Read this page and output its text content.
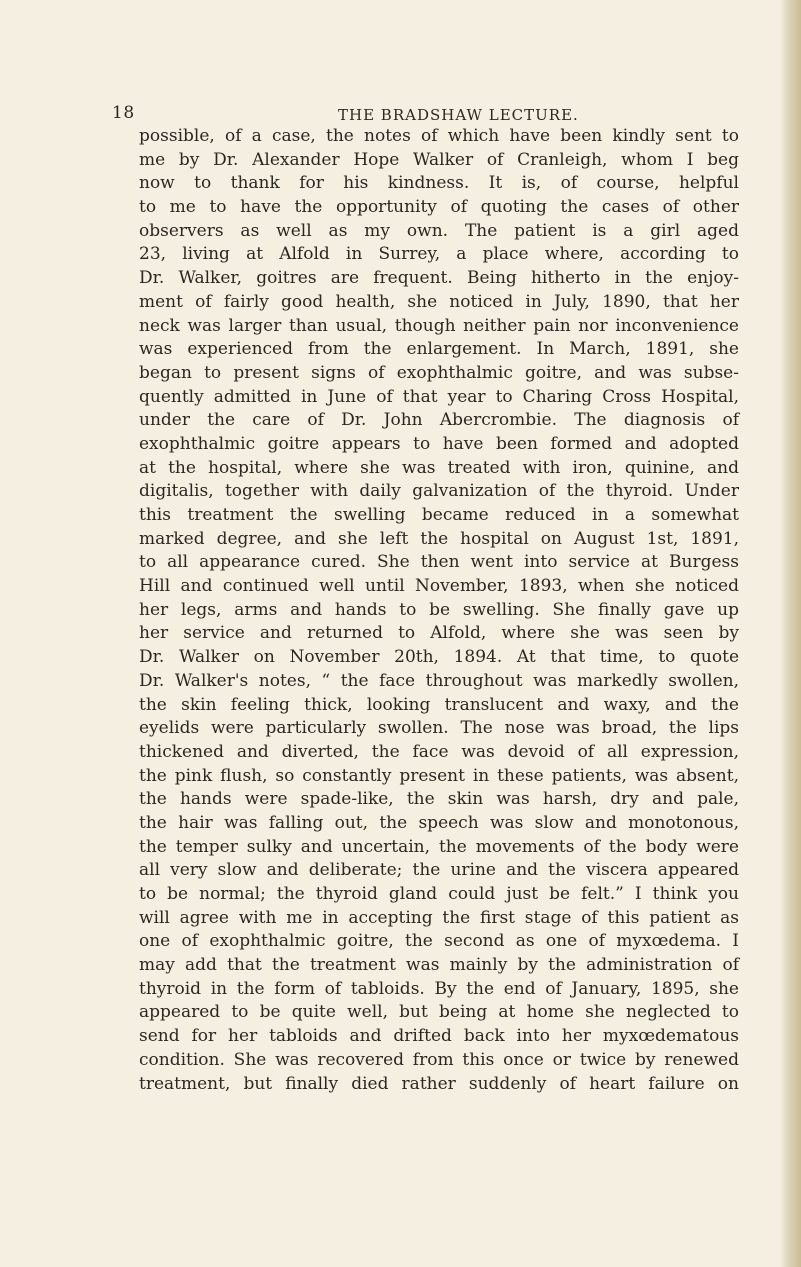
18	THE BRADSHAW LECTURE.
possible, of a case, the notes of which have been kindly sent to
me by Dr. Alexander Hope Walker of Cranleigh, whom I beg
now to thank for his kindness. It is, of course, helpful
to me to have the opportunity of quoting the cases of other
observers as well as my own. The patient is a girl aged
23, living at Alfold in Surrey, a place where, according to
Dr. Walker, goitres are frequent. Being hitherto in the enjoy-
ment of fairly good health, she noticed in July, 1890, that her
neck was larger than usual, though neither pain nor inconvenience
was experienced from the enlargement. In March, 1891, she
began to present signs of exophthalmic goitre, and was subse-
quently admitted in June of that year to Charing Cross Hospital,
under the care of Dr. John Abercrombie. The diagnosis of
exophthalmic goitre appears to have been formed and adopted
at the hospital, where she was treated with iron, quinine, and
digitalis, together with daily galvanization of the thyroid. Under
this treatment the swelling became reduced in a somewhat
marked degree, and she left the hospital on August 1st, 1891,
to all appearance cured. She then went into service at Burgess
Hill and continued well until November, 1893, when she noticed
her legs, arms and hands to be swelling. She finally gave up
her service and returned to Alfold, where she was seen by
Dr. Walker on November 20th, 1894. At that time, to quote
Dr. Walker's notes, “ the face throughout was markedly swollen,
the skin feeling thick, looking translucent and waxy, and the
eyelids were particularly swollen. The nose was broad, the lips
thickened and diverted, the face was devoid of all expression,
the pink flush, so constantly present in these patients, was absent,
the hands were spade-like, the skin was harsh, dry and pale,
the hair was falling out, the speech was slow and monotonous,
the temper sulky and uncertain, the movements of the body were
all very slow and deliberate; the urine and the viscera appeared
to be normal; the thyroid gland could just be felt.” I think you
will agree with me in accepting the first stage of this patient as
one of exophthalmic goitre, the second as one of myxœdema. I
may add that the treatment was mainly by the administration of
thyroid in the form of tabloids. By the end of January, 1895, she
appeared to be quite well, but being at home she neglected to
send for her tabloids and drifted back into her myxœdematous
condition. She was recovered from this once or twice by renewed
treatment, but finally died rather suddenly of heart failure on
